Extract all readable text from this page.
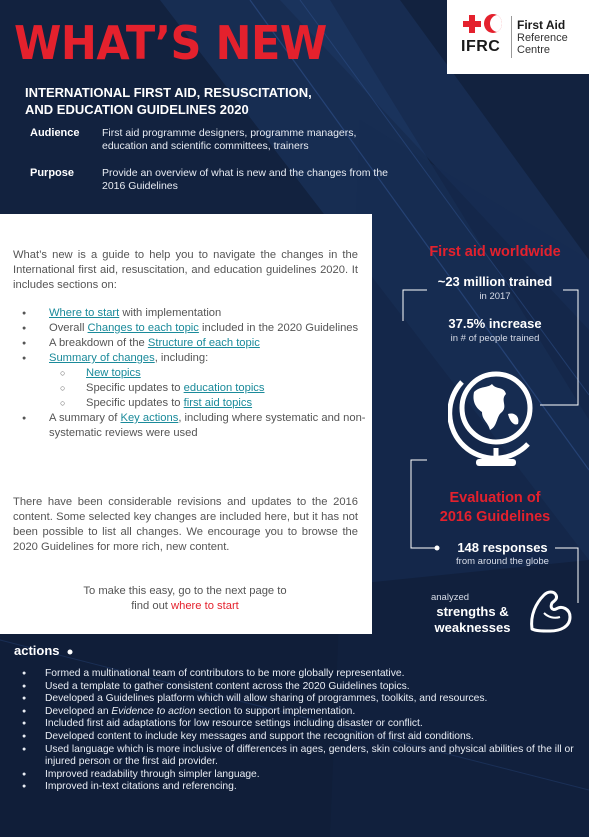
WHAT’S NEW	IFRC
First Aid
Reference
Centre
INTERNATIONAL FIRST AID, RESUSCITATION,
AND EDUCATION GUIDELINES 2020
Audience First aid programme designers, programme managers,
education and scientific committees, trainers
Purpose	Provide an overview of what is new and the changes from the
2016 Guidelines
What’s new is a guide to help you to navigate the changes in the International first aid, resuscitation, and education guidelines 2020. It includes sections on:
● Where to start with implementation
● Overall Changes to each topic included in the 2020 Guidelines
● A breakdown of the Structure of each topic
● Summary of changes, including:
○ New topics
○ Specific updates to education topics
○ Specific updates to first aid topics
● A summary of Key actions, including where systematic and non-systematic reviews were used
There have been considerable revisions and updates to the 2016 content. Some selected key changes are included here, but it has not been possible to list all changes. We encourage you to browse the 2020 Guidelines for more rich, new content.
To make this easy, go to the next page to
find out where to start
First aid worldwide
~23 million trained
in 2017
37.5% increase
in # of people trained
Evaluation of
2016 Guidelines
148 responses
from around the globe
analyzed
strengths &
weaknesses
actions
● Formed a multinational team of contributors to be more globally representative.
● Used a template to gather consistent content across the 2020 Guidelines topics.
● Developed a Guidelines platform which will allow sharing of programmes, toolkits, and resources.
● Developed an Evidence to action section to support implementation.
● Included first aid adaptations for low resource settings including disaster or conflict.
● Developed content to include key messages and support the recognition of first aid conditions.
● Used language which is more inclusive of differences in ages, genders, skin colours and physical abilities of the ill or injured person or the first aid provider.
● Improved readability through simpler language.
● Improved in-text citations and referencing.
